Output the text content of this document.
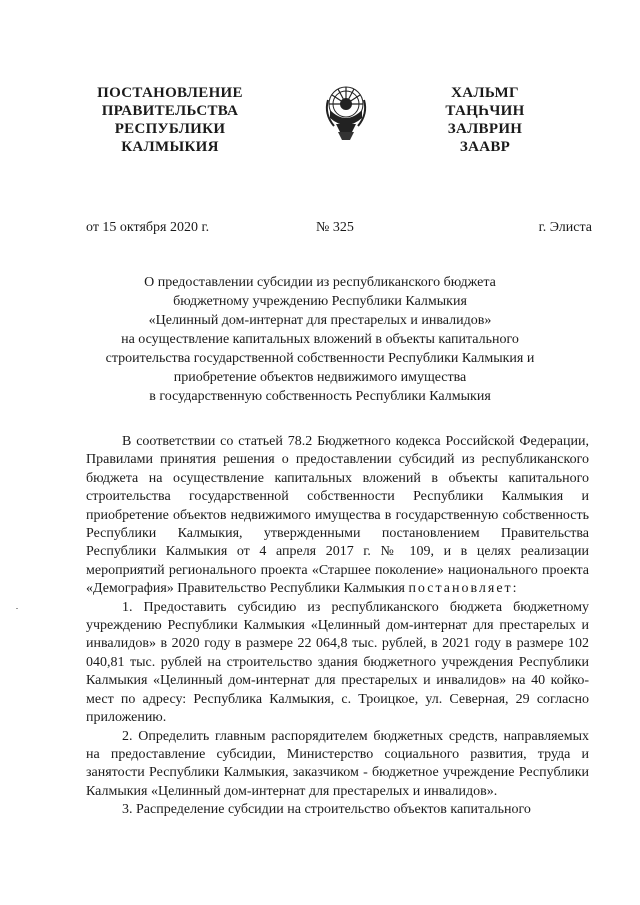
ПОСТАНОВЛЕНИЕ
ПРАВИТЕЛЬСТВА
РЕСПУБЛИКИ
КАЛМЫКИЯ
ХАЛЬМГ
ТАҢҺЧИН
ЗАЛВРИН
ЗААВР
от 15 октября 2020 г.	№ 325	г. Элиста
О предоставлении субсидии из республиканского бюджета
бюджетному учреждению Республики Калмыкия
«Целинный дом-интернат для престарелых и инвалидов»
на осуществление капитальных вложений в объекты капитального
строительства государственной собственности Республики Калмыкия и
приобретение объектов недвижимого имущества
в государственную собственность Республики Калмыкия

В соответствии со статьей 78.2 Бюджетного кодекса Российской Федерации, Правилами принятия решения о предоставлении субсидий из республиканского бюджета на осуществление капитальных вложений в объекты капитального строительства государственной собственности Республики Калмыкия и приобретение объектов недвижимого имущества в государственную собственность Республики Калмыкия, утвержденными постановлением Правительства Республики Калмыкия от 4 апреля 2017 г. № 109, и в целях реализации мероприятий регионального проекта «Старшее поколение» национального проекта «Демография» Правительство Республики Калмыкия постановляет:

1. Предоставить субсидию из республиканского бюджета бюджетному учреждению Республики Калмыкия «Целинный дом-интернат для престарелых и инвалидов» в 2020 году в размере 22 064,8 тыс. рублей, в 2021 году в размере 102 040,81 тыс. рублей на строительство здания бюджетного учреждения Республики Калмыкия «Целинный дом-интернат для престарелых и инвалидов» на 40 койко-мест по адресу: Республика Калмыкия, с. Троицкое, ул. Северная, 29 согласно приложению.

2. Определить главным распорядителем бюджетных средств, направляемых на предоставление субсидии, Министерство социального развития, труда и занятости Республики Калмыкия, заказчиком - бюджетное учреждение Республики Калмыкия «Целинный дом-интернат для престарелых и инвалидов».

3. Распределение субсидии на строительство объектов капитального
